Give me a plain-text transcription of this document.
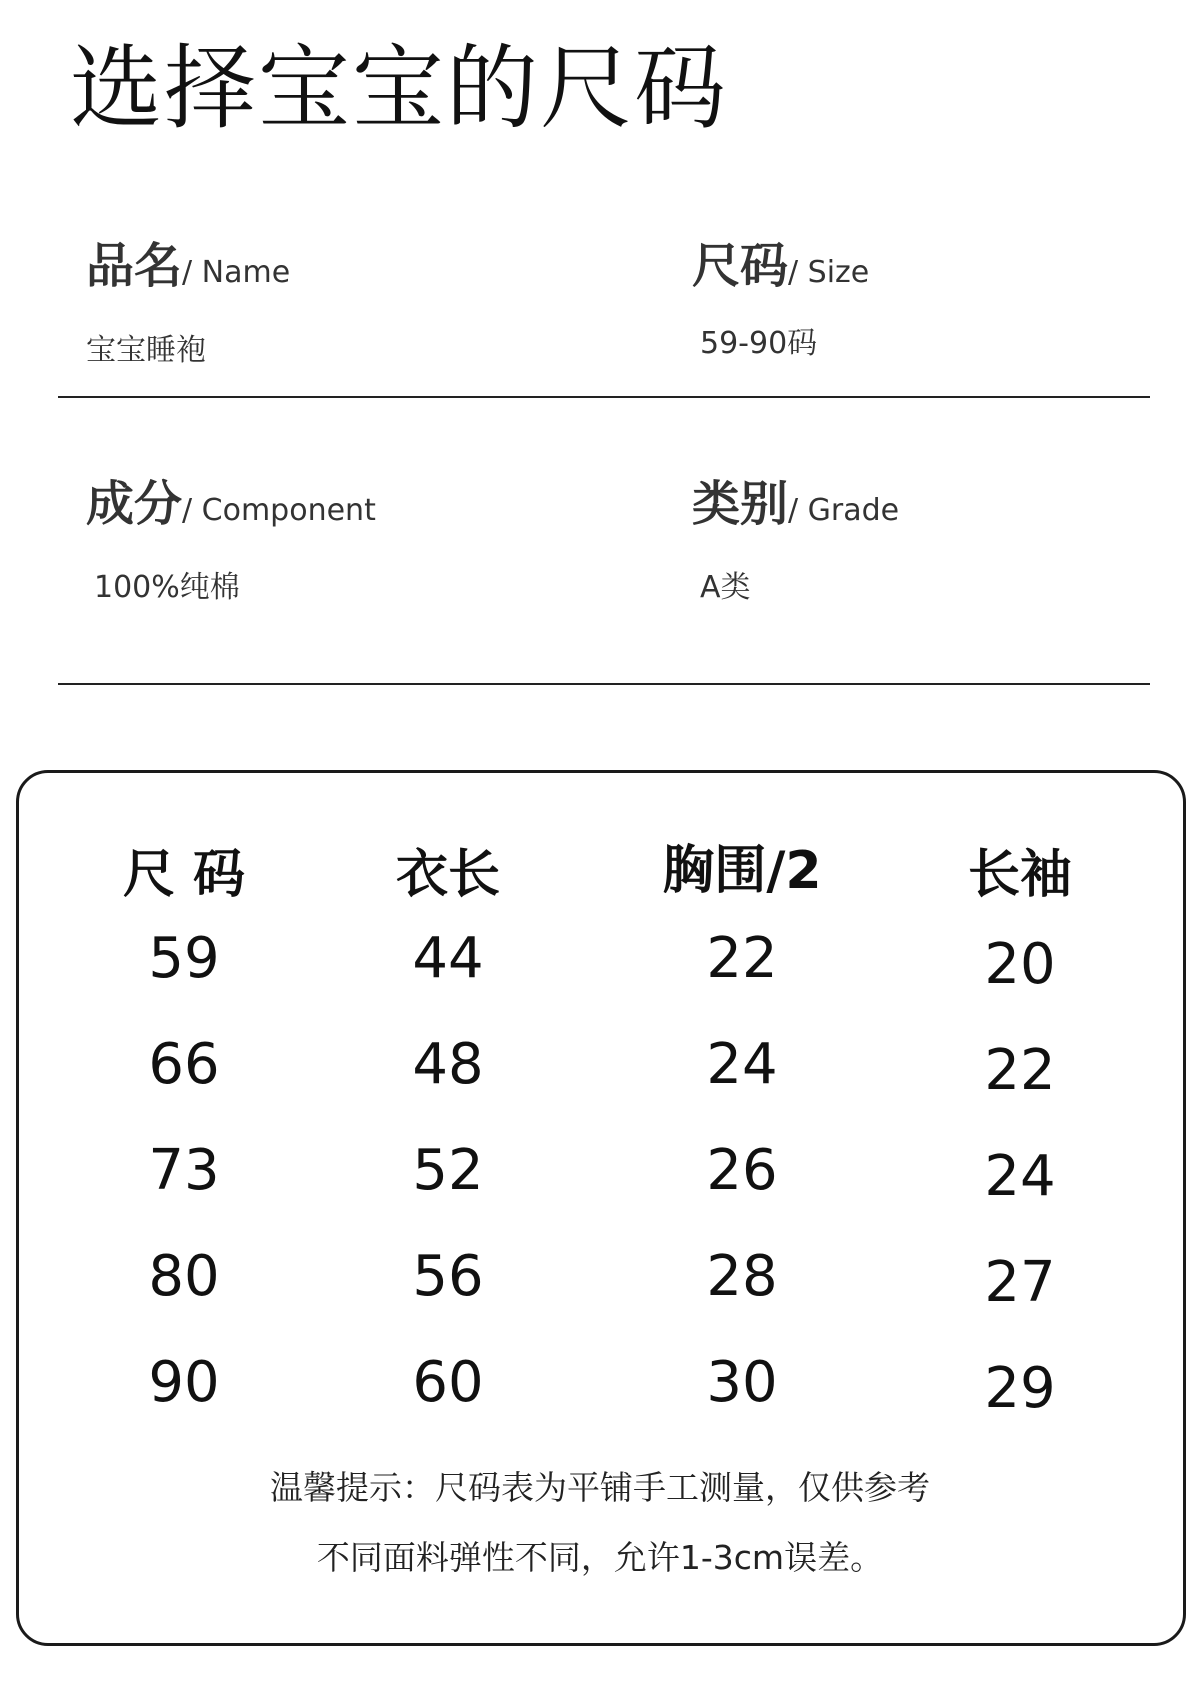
选择宝宝的尺码
品名/ Name
宝宝睡袍
尺码/ Size
59-90码
成分/ Component
100%纯棉
类别/ Grade
A类
尺 码	衣长	胸围/2	长袖
59	44	22	20
66	48	24	22
73	52	26	24
80	56	28	27
90	60	30	29
温馨提示：尺码表为平铺手工测量，仅供参考
不同面料弹性不同，允许1-3cm误差。
